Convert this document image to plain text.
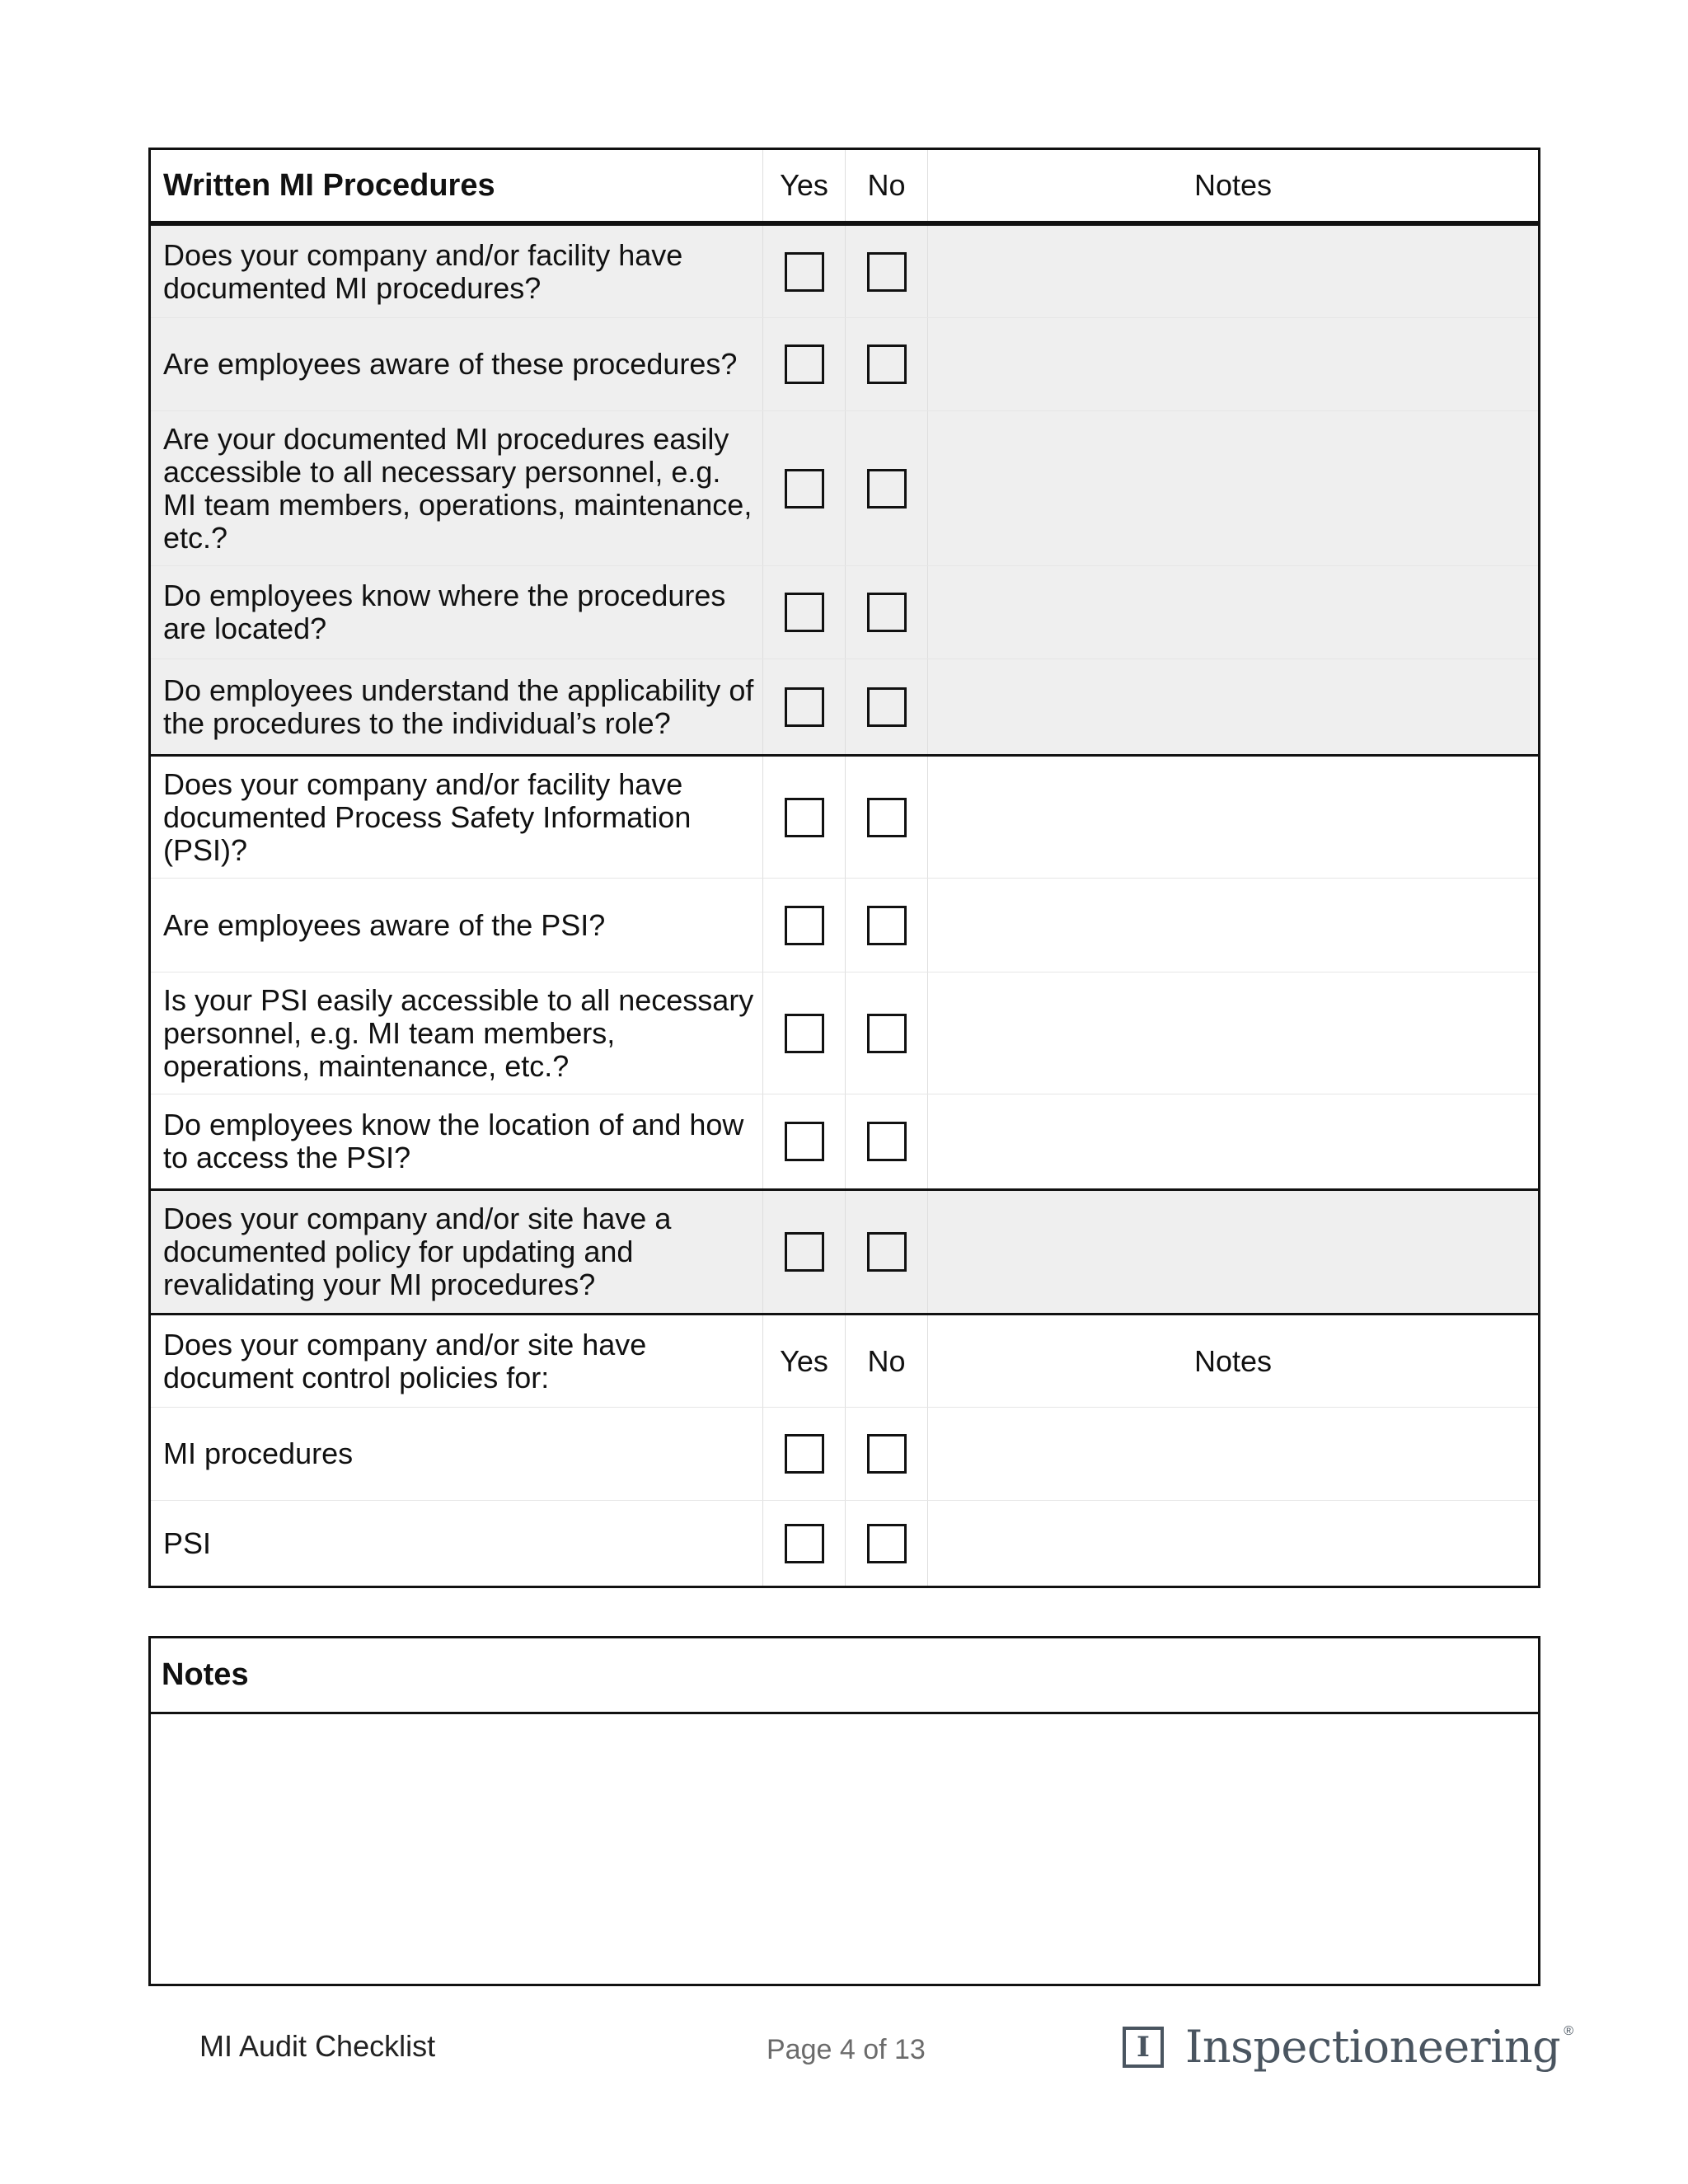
Written MI Procedures	Yes No	Notes
Does your company and/or facility have documented MI procedures?
Are employees aware of these procedures?
Are your documented MI procedures easily accessible to all necessary personnel, e.g. MI team members, operations, maintenance, etc.?
Do employees know where the procedures are located?
Do employees understand the applicability of the procedures to the individual’s role?
Does your company and/or facility have documented Process Safety Information (PSI)?
Are employees aware of the PSI?
Is your PSI easily accessible to all necessary personnel, e.g. MI team members, operations, maintenance, etc.?
Do employees know the location of and how to access the PSI?
Does your company and/or site have a documented policy for updating and revalidating your MI procedures?
Does your company and/or site have document control policies for:	Yes No	Notes
MI procedures
PSI
Notes
MI Audit Checklist	Page 4 of 13	I Inspectioneering ®
